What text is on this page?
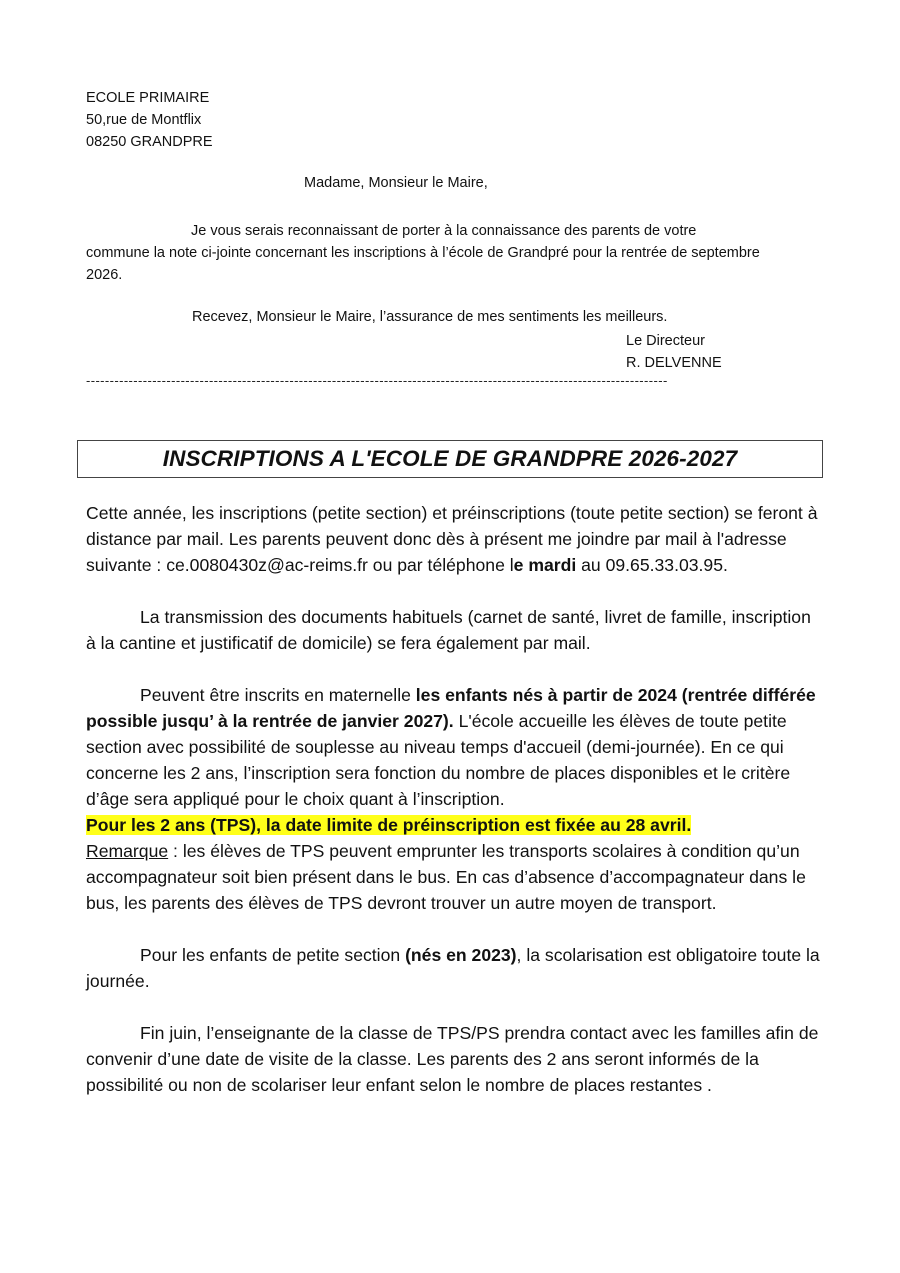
ECOLE PRIMAIRE
50,rue de Montflix
08250 GRANDPRE
Madame, Monsieur le Maire,
Je vous serais reconnaissant de porter à la connaissance des parents de votre
commune la note ci-jointe concernant les inscriptions à l’école de Grandpré pour la rentrée de septembre 2026.
Recevez, Monsieur le Maire, l’assurance de mes sentiments les meilleurs.
Le Directeur
R. DELVENNE
---------------------------------------------------------------------------------------------------------------------------
INSCRIPTIONS A L'ECOLE DE GRANDPRE 2026-2027

Cette année, les inscriptions (petite section) et préinscriptions (toute petite section) se feront à distance par mail. Les parents peuvent donc dès à présent me joindre par mail à l'adresse suivante : ce.0080430z@ac-reims.fr ou par téléphone le mardi au 09.65.33.03.95.

La transmission des documents habituels (carnet de santé, livret de famille, inscription à la cantine et justificatif de domicile) se fera également par mail.

Peuvent être inscrits en maternelle les enfants nés à partir de 2024 (rentrée différée possible jusqu’ à la rentrée de janvier 2027). L'école accueille les élèves de toute petite section avec possibilité de souplesse au niveau temps d'accueil (demi-journée). En ce qui concerne les 2 ans, l’inscription sera fonction du nombre de places disponibles et le critère d’âge sera appliqué pour le choix quant à l’inscription.
Pour les 2 ans (TPS), la date limite de préinscription est fixée au 28 avril.
Remarque : les élèves de TPS peuvent emprunter les transports scolaires à condition qu’un accompagnateur soit bien présent dans le bus. En cas d’absence d’accompagnateur dans le bus, les parents des élèves de TPS devront trouver un autre moyen de transport.

Pour les enfants de petite section (nés en 2023), la scolarisation est obligatoire toute la journée.

Fin juin, l’enseignante de la classe de TPS/PS prendra contact avec les familles afin de convenir d’une date de visite de la classe. Les parents des 2 ans seront informés de la possibilité ou non de scolariser leur enfant selon le nombre de places restantes .
